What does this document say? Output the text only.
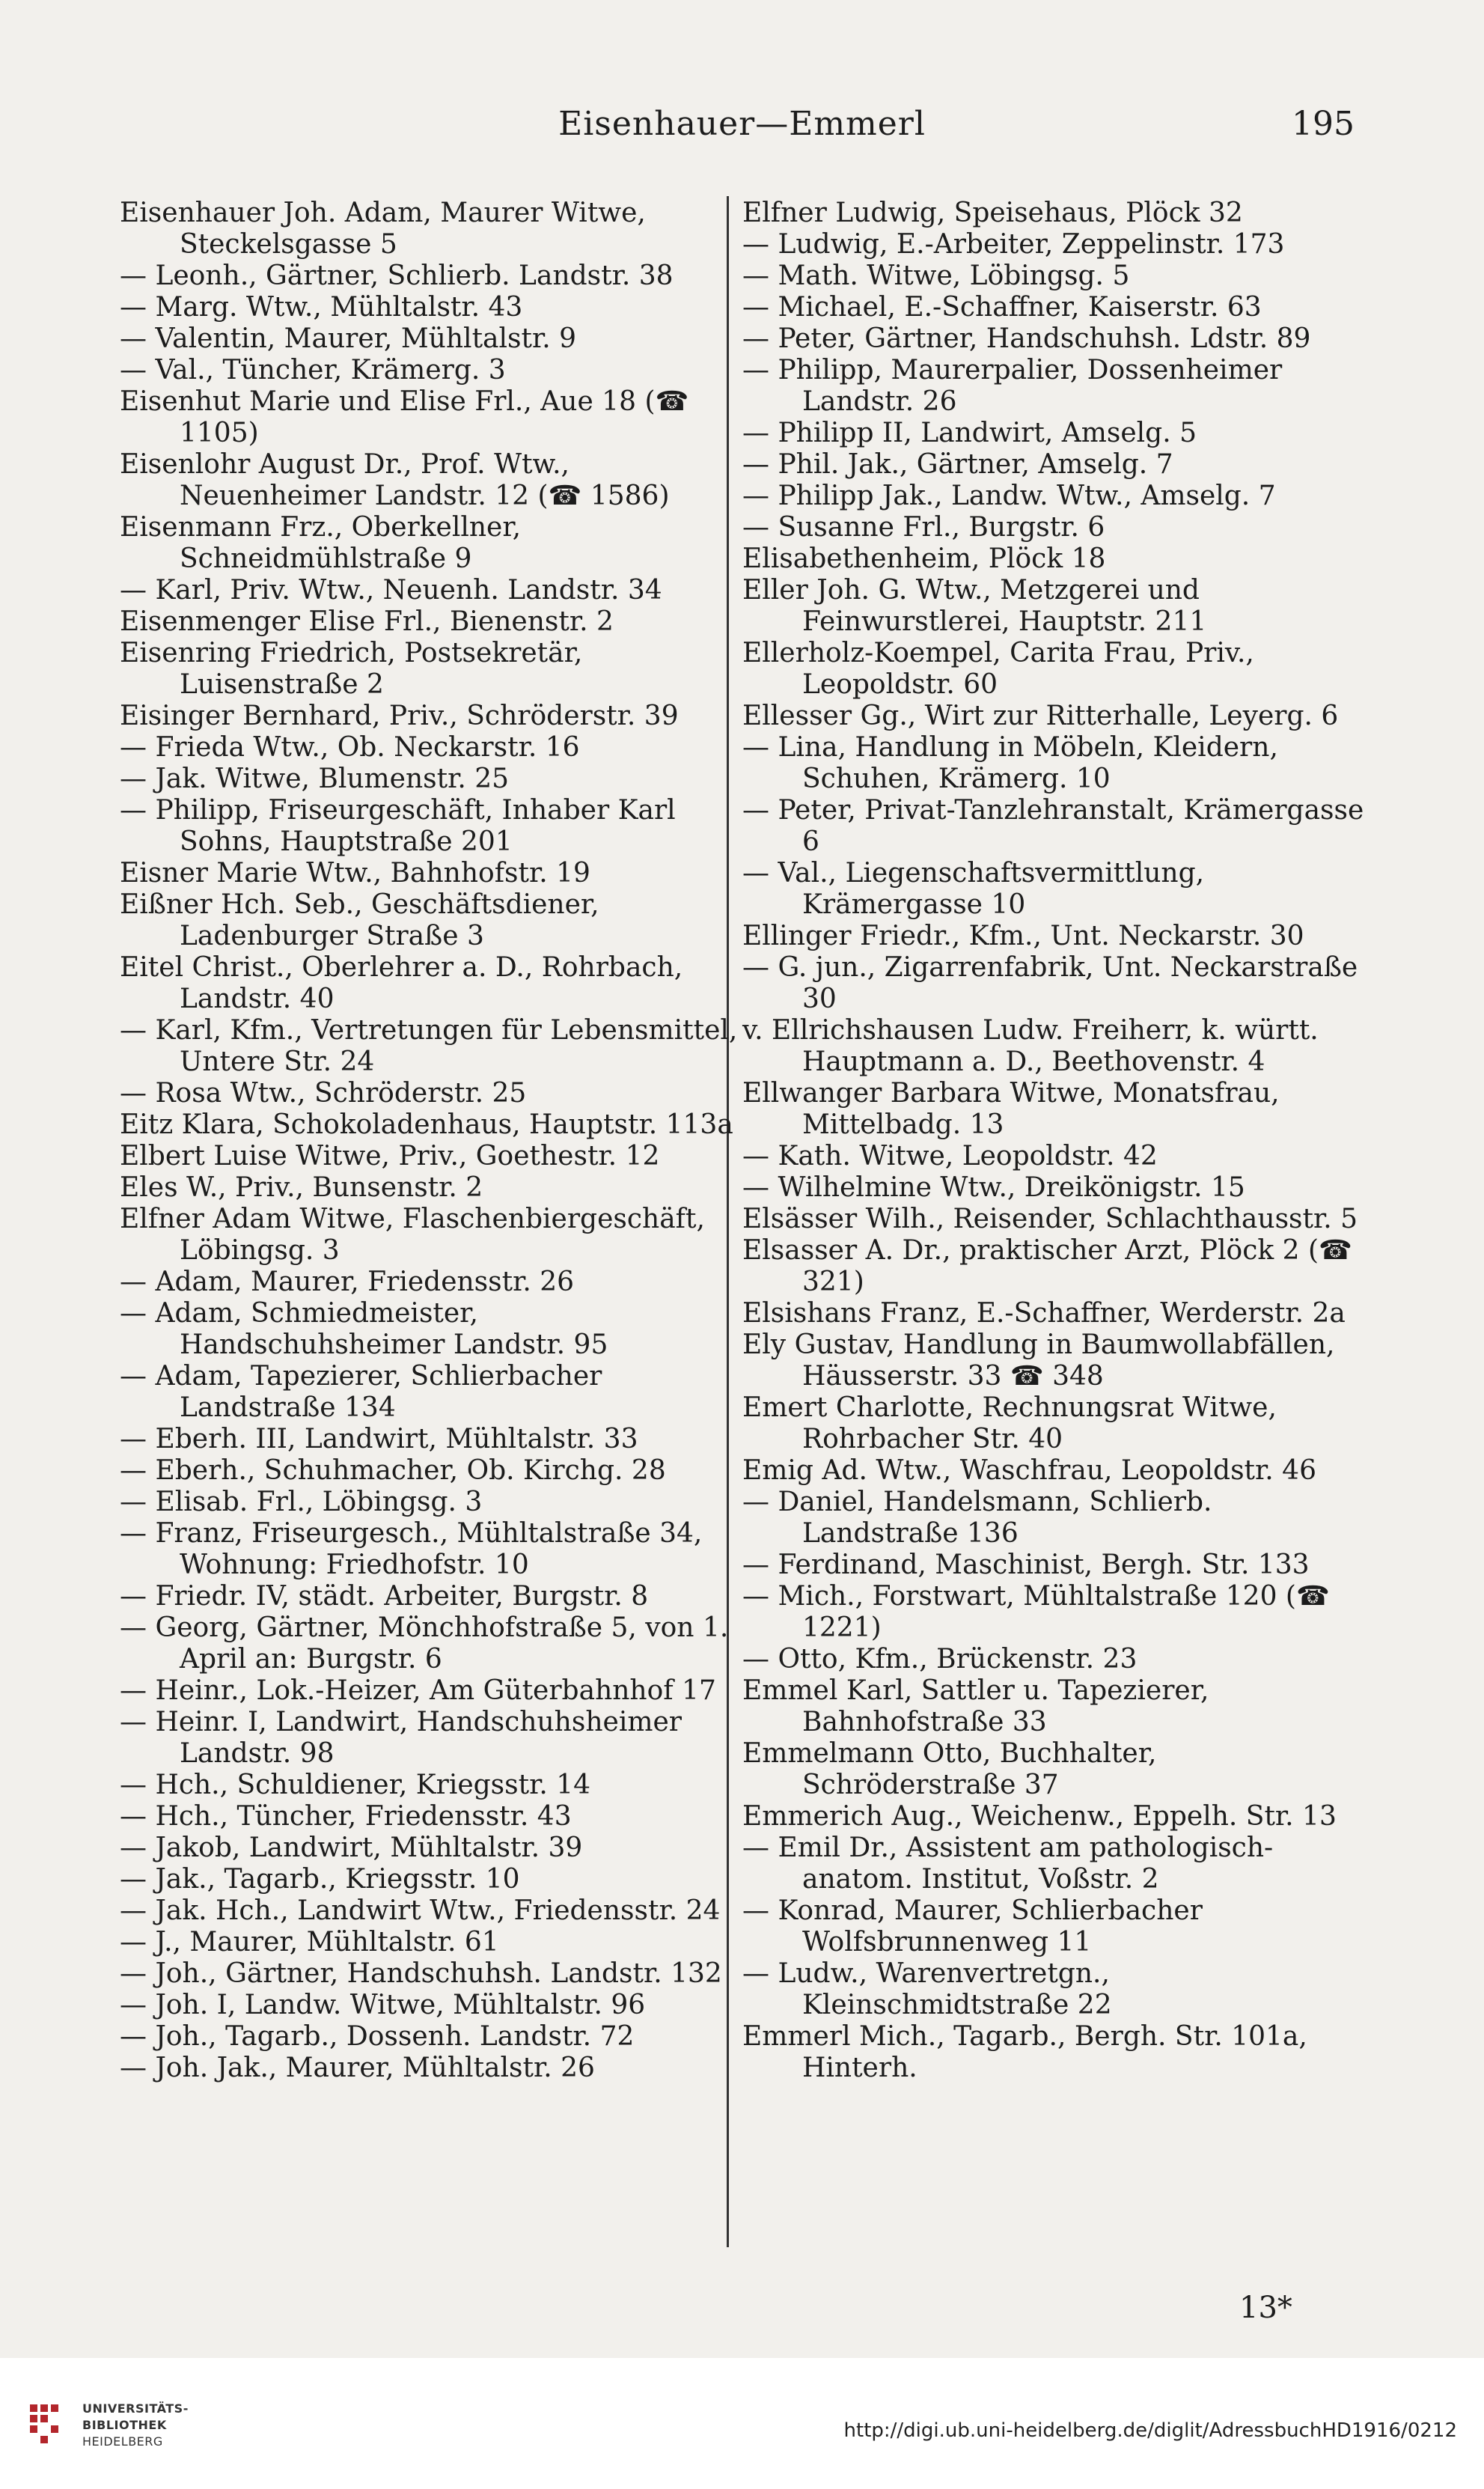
Eisenhauer—Emmerl	195

Eisenhauer Joh. Adam, Maurer Witwe, Steckelsgasse 5

— Leonh., Gärtner, Schlierb. Landstr. 38

— Marg. Wtw., Mühltalstr. 43

— Valentin, Maurer, Mühltalstr. 9

— Val., Tüncher, Krämerg. 3

Eisenhut Marie und Elise Frl., Aue 18 (☎ 1105)

Eisenlohr August Dr., Prof. Wtw., Neuenheimer Landstr. 12 (☎ 1586)

Eisenmann Frz., Oberkellner, Schneidmühlstraße 9

— Karl, Priv. Wtw., Neuenh. Landstr. 34

Eisenmenger Elise Frl., Bienenstr. 2

Eisenring Friedrich, Postsekretär, Luisenstraße 2

Eisinger Bernhard, Priv., Schröderstr. 39

— Frieda Wtw., Ob. Neckarstr. 16

— Jak. Witwe, Blumenstr. 25

— Philipp, Friseurgeschäft, Inhaber Karl Sohns, Hauptstraße 201

Eisner Marie Wtw., Bahnhofstr. 19

Eißner Hch. Seb., Geschäftsdiener, Ladenburger Straße 3

Eitel Christ., Oberlehrer a. D., Rohrbach, Landstr. 40

— Karl, Kfm., Vertretungen für Lebensmittel, Untere Str. 24

— Rosa Wtw., Schröderstr. 25

Eitz Klara, Schokoladenhaus, Hauptstr. 113a

Elbert Luise Witwe, Priv., Goethestr. 12

Eles W., Priv., Bunsenstr. 2

Elfner Adam Witwe, Flaschenbiergeschäft, Löbingsg. 3

— Adam, Maurer, Friedensstr. 26

— Adam, Schmiedmeister, Handschuhsheimer Landstr. 95

— Adam, Tapezierer, Schlierbacher Landstraße 134

— Eberh. III, Landwirt, Mühltalstr. 33

— Eberh., Schuhmacher, Ob. Kirchg. 28

— Elisab. Frl., Löbingsg. 3

— Franz, Friseurgesch., Mühltalstraße 34, Wohnung: Friedhofstr. 10

— Friedr. IV, städt. Arbeiter, Burgstr. 8

— Georg, Gärtner, Mönchhofstraße 5, von 1. April an: Burgstr. 6

— Heinr., Lok.-Heizer, Am Güterbahnhof 17

— Heinr. I, Landwirt, Handschuhsheimer Landstr. 98

— Hch., Schuldiener, Kriegsstr. 14

— Hch., Tüncher, Friedensstr. 43

— Jakob, Landwirt, Mühltalstr. 39

— Jak., Tagarb., Kriegsstr. 10

— Jak. Hch., Landwirt Wtw., Friedensstr. 24

— J., Maurer, Mühltalstr. 61

— Joh., Gärtner, Handschuhsh. Landstr. 132

— Joh. I, Landw. Witwe, Mühltalstr. 96

— Joh., Tagarb., Dossenh. Landstr. 72

— Joh. Jak., Maurer, Mühltalstr. 26

Elfner Ludwig, Speisehaus, Plöck 32

— Ludwig, E.-Arbeiter, Zeppelinstr. 173

— Math. Witwe, Löbingsg. 5

— Michael, E.-Schaffner, Kaiserstr. 63

— Peter, Gärtner, Handschuhsh. Ldstr. 89

— Philipp, Maurerpalier, Dossenheimer Landstr. 26

— Philipp II, Landwirt, Amselg. 5

— Phil. Jak., Gärtner, Amselg. 7

— Philipp Jak., Landw. Wtw., Amselg. 7

— Susanne Frl., Burgstr. 6

Elisabethenheim, Plöck 18

Eller Joh. G. Wtw., Metzgerei und Feinwurstlerei, Hauptstr. 211

Ellerholz-Koempel, Carita Frau, Priv., Leopoldstr. 60

Ellesser Gg., Wirt zur Ritterhalle, Leyerg. 6

— Lina, Handlung in Möbeln, Kleidern, Schuhen, Krämerg. 10

— Peter, Privat-Tanzlehranstalt, Krämergasse 6

— Val., Liegenschaftsvermittlung, Krämergasse 10

Ellinger Friedr., Kfm., Unt. Neckarstr. 30

— G. jun., Zigarrenfabrik, Unt. Neckarstraße 30

v. Ellrichshausen Ludw. Freiherr, k. württ. Hauptmann a. D., Beethovenstr. 4

Ellwanger Barbara Witwe, Monatsfrau, Mittelbadg. 13

— Kath. Witwe, Leopoldstr. 42

— Wilhelmine Wtw., Dreikönigstr. 15

Elsässer Wilh., Reisender, Schlachthausstr. 5

Elsasser A. Dr., praktischer Arzt, Plöck 2 (☎ 321)

Elsishans Franz, E.-Schaffner, Werderstr. 2a

Ely Gustav, Handlung in Baumwollabfällen, Häusserstr. 33 ☎ 348

Emert Charlotte, Rechnungsrat Witwe, Rohrbacher Str. 40

Emig Ad. Wtw., Waschfrau, Leopoldstr. 46

— Daniel, Handelsmann, Schlierb. Landstraße 136

— Ferdinand, Maschinist, Bergh. Str. 133

— Mich., Forstwart, Mühltalstraße 120 (☎ 1221)

— Otto, Kfm., Brückenstr. 23

Emmel Karl, Sattler u. Tapezierer, Bahnhofstraße 33

Emmelmann Otto, Buchhalter, Schröderstraße 37

Emmerich Aug., Weichenw., Eppelh. Str. 13

— Emil Dr., Assistent am pathologisch-anatom. Institut, Voßstr. 2

— Konrad, Maurer, Schlierbacher Wolfsbrunnenweg 11

— Ludw., Warenvertretgn., Kleinschmidtstraße 22

Emmerl Mich., Tagarb., Bergh. Str. 101a, Hinterh.

13*
UNIVERSITÄTS-
BIBLIOTHEK
HEIDELBERG	http://digi.ub.uni-heidelberg.de/diglit/AdressbuchHD1916/0212
